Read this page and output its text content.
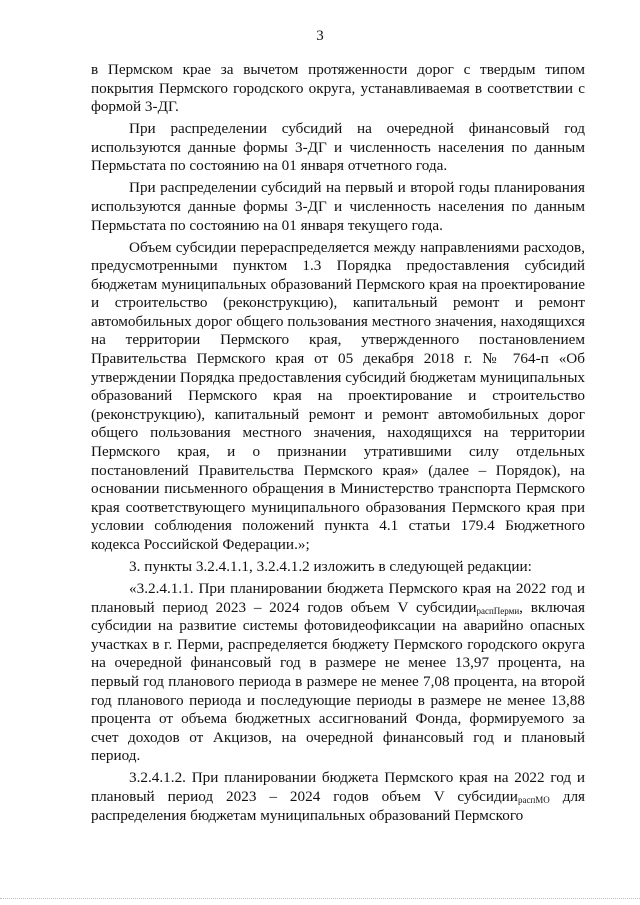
3

в Пермском крае за вычетом протяженности дорог с твердым типом покрытия Пермского городского округа, устанавливаемая в соответствии с формой 3-ДГ.

При распределении субсидий на очередной финансовый год используются данные формы 3-ДГ и численность населения по данным Пермьстата по состоянию на 01 января отчетного года.

При распределении субсидий на первый и второй годы планирования используются данные формы 3-ДГ и численность населения по данным Пермьстата по состоянию на 01 января текущего года.

Объем субсидии перераспределяется между направлениями расходов, предусмотренными пунктом 1.3 Порядка предоставления субсидий бюджетам муниципальных образований Пермского края на проектирование и строительство (реконструкцию), капитальный ремонт и ремонт автомобильных дорог общего пользования местного значения, находящихся на территории Пермского края, утвержденного постановлением Правительства Пермского края от 05 декабря 2018 г. № 764-п «Об утверждении Порядка предоставления субсидий бюджетам муниципальных образований Пермского края на проектирование и строительство (реконструкцию), капитальный ремонт и ремонт автомобильных дорог общего пользования местного значения, находящихся на территории Пермского края, и о признании утратившими силу отдельных постановлений Правительства Пермского края» (далее – Порядок), на основании письменного обращения в Министерство транспорта Пермского края соответствующего муниципального образования Пермского края при условии соблюдения положений пункта 4.1 статьи 179.4 Бюджетного кодекса Российской Федерации.»;

3. пункты 3.2.4.1.1, 3.2.4.1.2 изложить в следующей редакции:

«3.2.4.1.1. При планировании бюджета Пермского края на 2022 год и плановый период 2023 – 2024 годов объем V субсидии$_{распПерми}$, включая субсидии на развитие системы фотовидеофиксации на аварийно опасных участках в г. Перми, распределяется бюджету Пермского городского округа на очередной финансовый год в размере не менее 13,97 процента, на первый год планового периода в размере не менее 7,08 процента, на второй год планового периода и последующие периоды в размере не менее 13,88 процента от объема бюджетных ассигнований Фонда, формируемого за счет доходов от Акцизов, на очередной финансовый год и плановый период.

3.2.4.1.2. При планировании бюджета Пермского края на 2022 год и плановый период 2023 – 2024 годов объем V субсидии$_{распМО}$ для распределения бюджетам муниципальных образований Пермского
